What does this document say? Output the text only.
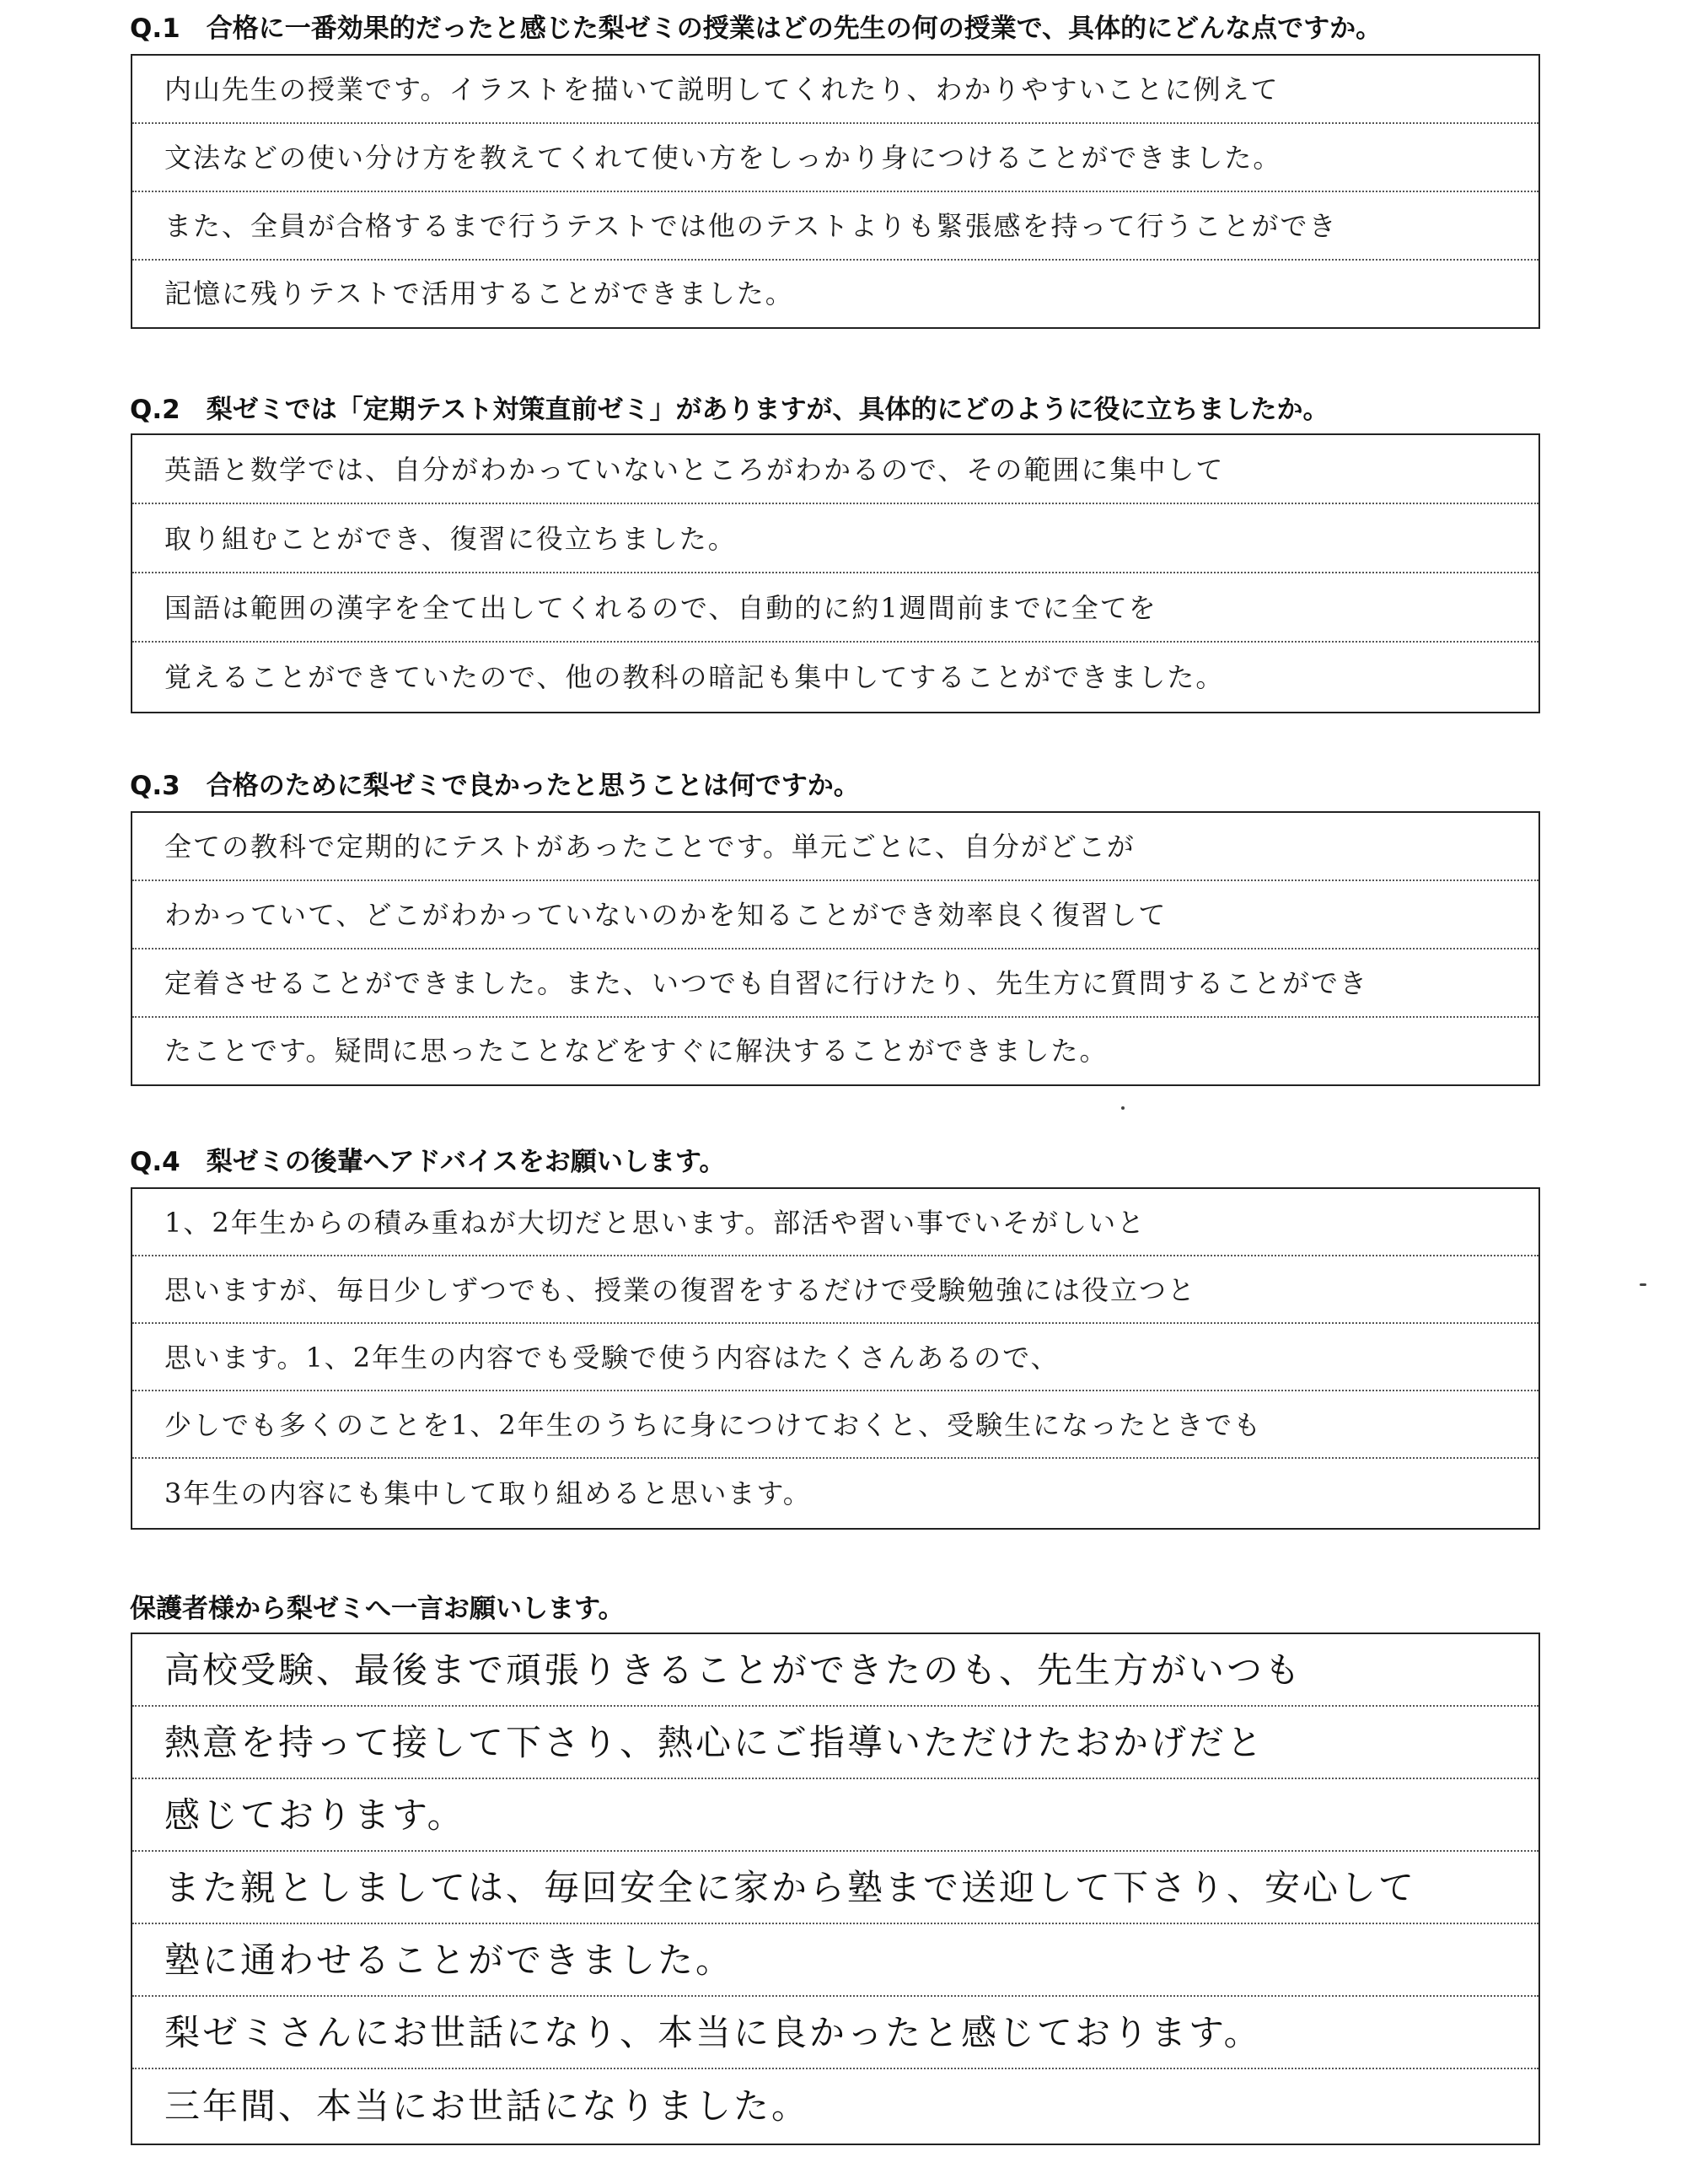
Q.1　合格に一番効果的だったと感じた梨ゼミの授業はどの先生の何の授業で、具体的にどんな点ですか。
内山先生の授業です。イラストを描いて説明してくれたり、わかりやすいことに例えて
文法などの使い分け方を教えてくれて使い方をしっかり身につけることができました。
また、全員が合格するまで行うテストでは他のテストよりも緊張感を持って行うことができ
記憶に残りテストで活用することができました。
Q.2　梨ゼミでは「定期テスト対策直前ゼミ」がありますが、具体的にどのように役に立ちましたか。
英語と数学では、自分がわかっていないところがわかるので、その範囲に集中して
取り組むことができ、復習に役立ちました。
国語は範囲の漢字を全て出してくれるので、自動的に約1週間前までに全てを
覚えることができていたので、他の教科の暗記も集中してすることができました。
Q.3　合格のために梨ゼミで良かったと思うことは何ですか。
全ての教科で定期的にテストがあったことです。単元ごとに、自分がどこが
わかっていて、どこがわかっていないのかを知ることができ効率良く復習して
定着させることができました。また、いつでも自習に行けたり、先生方に質問することができ
たことです。疑問に思ったことなどをすぐに解決することができました。
Q.4　梨ゼミの後輩へアドバイスをお願いします。
1、2年生からの積み重ねが大切だと思います。部活や習い事でいそがしいと
思いますが、毎日少しずつでも、授業の復習をするだけで受験勉強には役立つと
思います。1、2年生の内容でも受験で使う内容はたくさんあるので、
少しでも多くのことを1、2年生のうちに身につけておくと、受験生になったときでも
3年生の内容にも集中して取り組めると思います。
保護者様から梨ゼミへ一言お願いします。
高校受験、最後まで頑張りきることができたのも、先生方がいつも
熱意を持って接して下さり、熱心にご指導いただけたおかげだと
感じております。
また親としましては、毎回安全に家から塾まで送迎して下さり、安心して
塾に通わせることができました。
梨ゼミさんにお世話になり、本当に良かったと感じております。
三年間、本当にお世話になりました。
